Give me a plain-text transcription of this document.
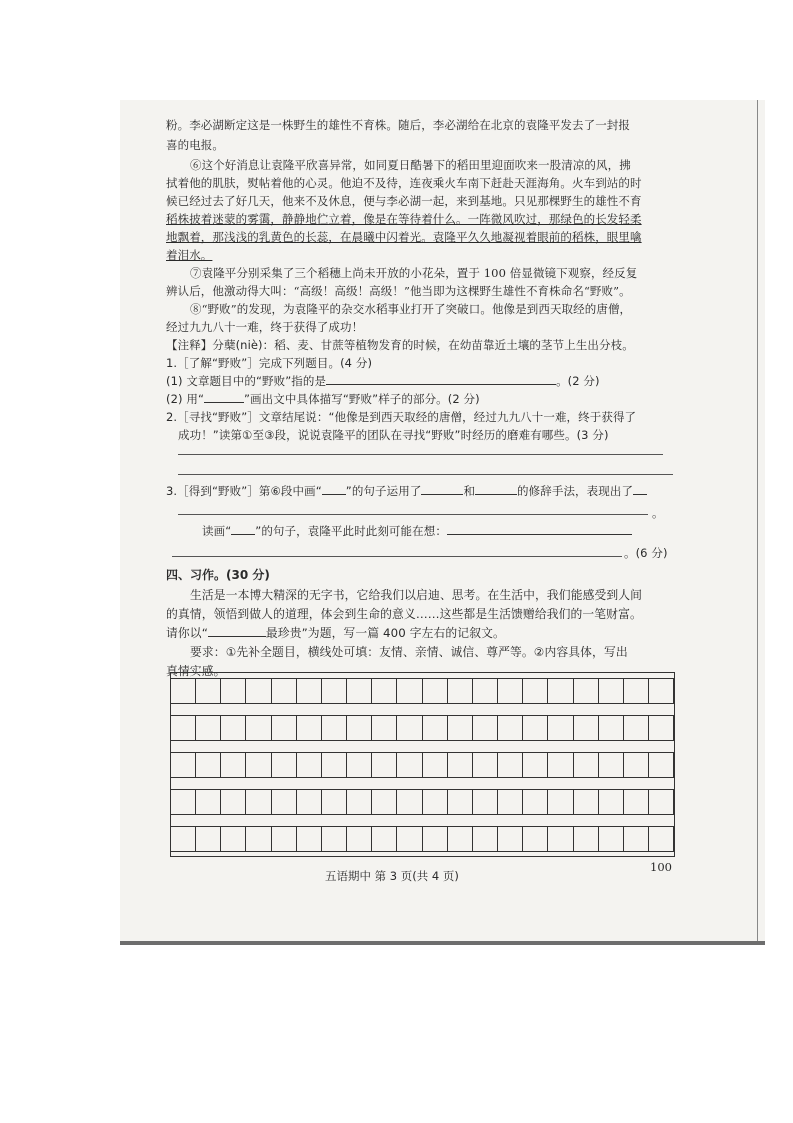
粉。李必湖断定这是一株野生的雄性不育株。随后，李必湖给在北京的袁隆平发去了一封报
喜的电报。
⑥这个好消息让袁隆平欣喜异常，如同夏日酷暑下的稻田里迎面吹来一股清凉的风，拂
拭着他的肌肤，熨帖着他的心灵。他迫不及待，连夜乘火车南下赶赴天涯海角。火车到站的时
候已经过去了好几天，他来不及休息，便与李必湖一起，来到基地。只见那棵野生的雄性不育
稻株披着迷蒙的雾霭，静静地伫立着，像是在等待着什么。一阵微风吹过，那绿色的长发轻柔
地飘着，那浅浅的乳黄色的长蕊，在晨曦中闪着光。袁隆平久久地凝视着眼前的稻株，眼里噙
着泪水。
⑦袁隆平分别采集了三个稻穗上尚未开放的小花朵，置于 100 倍显微镜下观察，经反复
辨认后，他激动得大叫：“高级！高级！高级！”他当即为这棵野生雄性不育株命名“野败”。
⑧“野败”的发现，为袁隆平的杂交水稻事业打开了突破口。他像是到西天取经的唐僧，
经过九九八十一难，终于获得了成功！
【注释】分蘖(niè)：稻、麦、甘蔗等植物发育的时候，在幼苗靠近土壤的茎节上生出分枝。
1.［了解“野败”］完成下列题目。(4 分)
(1) 文章题目中的“野败”指的是	。(2 分)
(2) 用“	”画出文中具体描写“野败”样子的部分。(2 分)
2.［寻找“野败”］文章结尾说：“他像是到西天取经的唐僧，经过九九八十一难，终于获得了
成功！”读第①至③段，说说袁隆平的团队在寻找“野败”时经历的磨难有哪些。(3 分)
3.［得到“野败”］第⑥段中画“ ”的句子运用了	和	的修辞手法，表现出了
。
读画“ ”的句子，袁隆平此时此刻可能在想：
。(6 分)
四、习作。(30 分)
生活是一本博大精深的无字书，它给我们以启迪、思考。在生活中，我们能感受到人间
的真情，领悟到做人的道理，体会到生命的意义……这些都是生活馈赠给我们的一笔财富。
请你以“	最珍贵”为题，写一篇 400 字左右的记叙文。
要求：①先补全题目，横线处可填：友情、亲情、诚信、尊严等。②内容具体，写出
真情实感。
100
五语期中 第 3 页(共 4 页)
